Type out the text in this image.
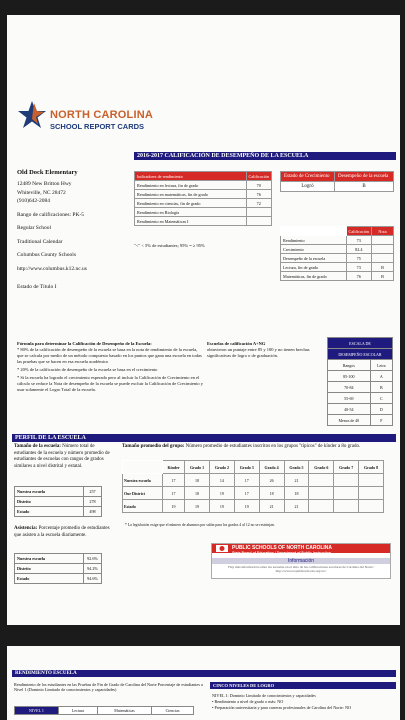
NORTH CAROLINA
SCHOOL REPORT CARDS
Old Dock Elementary
12489 New Britton Hwy
Whiteville, NC 28472
(910)642-2084
Rango de calificaciones: PK-5
Regular School
Traditional Calendar
Columbus County Schools
http://www.columbus.k12.nc.us
Estado de Título I
2016-2017 CALIFICACIÓN DE DESEMPEÑO DE LA ESCUELA
Indicadores de rendimiento	Calificación
Rendimiento en lectura, fin de grado	70
Rendimiento en matemáticas, fin de grado	76
Rendimiento en ciencias, fin de grado	72
Rendimiento en Biología	
Rendimiento en Matemáticas I	
"<" < 5% de estudiantes; 95% = ≥ 95%
Estado de Crecimiento	Desempeño de la escuela
Logró	B
	Calificación	Nota
Rendimiento	73	
Crecimiento	82.4	
Desempeño de la escuela	75	
Lectura, fin de grado	73	B
Matemáticas, fin de grado	76	B
Fórmula para determinar la Calificación de Desempeño de la Escuela:
* 80% de la calificación de desempeño de la escuela se basa en la nota de rendimiento de la escuela, que se calcula por medio de un método compuesto basado en los puntos que gana una escuela en todas las pruebas que se hacen en esa escuela académico
* 20% de la calificación de desempeño de la escuela se basa en el crecimiento
* Si la escuela ha logrado el crecimiento esperado pero al incluir la Calificación de Crecimiento en el cálculo se reduce la Nota de desempeño de la escuela se puede excluir la Calificación de Crecimiento y usar solamente el Logro Total de la escuela.
Escuelas de calificación A+NG
obtuvieron un puntaje entre 85 y 100 y no tienen brechas significativas de logro o de graduación.
ESCALA DE	
DESEMPEÑO ESCOLAR	
Rangos	Letra
85-100	A
70-84	B
55-69	C
40-54	D
Menos de 40	F
PERFIL DE LA ESCUELA
Tamaño de la escuela: Número total de estudiantes de la escuela y número promedio de estudiantes de escuelas con rangos de grados similares a nivel distrital y estatal.
Nuestra escuela	257
Distrito	278
Estado	498
Tamaño promedio del grupo: Número promedio de estudiantes inscritos en los grupos "típicos" de kínder a 8o grado.
	Kínder	Grado 1	Grado 2	Grado 3	Grado 4	Grado 5	Grado 6	Grado 7	Grado 8
Nuestra escuela	17	18	14	17	26	21			
Our District	17	18	19	17	18	18			
Estado	19	19	19	19	21	21			
* La legislación exige que el número de alumnos por salón para los grados 4 al 12 no se restrinjan.
Asistencia: Porcentaje promedio de estudiantes que asisten a la escuela diariamente.
Nuestra escuela	92.6%
Distrito	94.2%
Estado	94.6%
PUBLIC SCHOOLS OF NORTH CAROLINA
State Board of Education | Department of Public Instruction
Información
Hay más información sobre las escuelas en el sitio de las calificaciones escolares de Carolina del Norte: http://www.ncpublicschools.org/src/
RENDIMIENTO ESCUELA
Rendimiento de los estudiantes en las Pruebas de Fin de Grado de Carolina del Norte Porcentaje de estudiantes a Nivel 1 (Dominio Limitado de conocimientos y capacidades)
NIVEL 1	Lectura	Matemáticas	Ciencias
CINCO NIVELES DE LOGRO
NIVEL 1: Dominio Limitado de conocimientos y capacidades
• Rendimiento a nivel de grado o más: NO
• Preparación universitaria y para carreras profesionales de Carolina del Norte: NO
